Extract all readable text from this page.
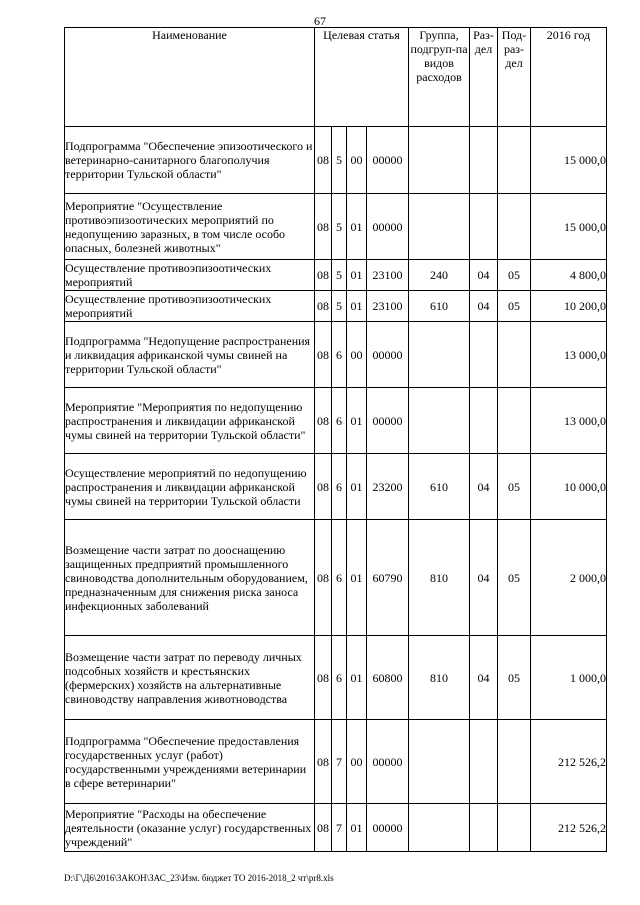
67
Наименование	Целевая статья				Группа, подгруп-па видов расходов	Раз-дел	Под-раз-дел	2016 год
Подпрограмма "Обеспечение эпизоотического и ветеринарно-санитарного благополучия территории Тульской области"	08	5	00	00000				15 000,0
Мероприятие "Осуществление противоэпизоотических мероприятий по недопущению заразных, в том числе особо опасных, болезней животных"	08	5	01	00000				15 000,0
Осуществление противоэпизоотических мероприятий	08	5	01	23100	240	04	05	4 800,0
Осуществление противоэпизоотических мероприятий	08	5	01	23100	610	04	05	10 200,0
Подпрограмма "Недопущение распространения и ликвидация африканской чумы свиней на территории Тульской области"	08	6	00	00000				13 000,0
Мероприятие "Мероприятия по недопущению распространения и ликвидации африканской чумы свиней на территории Тульской области"	08	6	01	00000				13 000,0
Осуществление мероприятий по недопущению распространения и ликвидации африканской чумы свиней на территории Тульской области	08	6	01	23200	610	04	05	10 000,0
Возмещение части затрат по дооснащению защищенных предприятий промышленного свиноводства дополнительным оборудованием, предназначенным для снижения риска заноса инфекционных заболеваний	08	6	01	60790	810	04	05	2 000,0
Возмещение части затрат по переводу личных подсобных хозяйств и крестьянских (фермерских) хозяйств на альтернативные свиноводству направления животноводства	08	6	01	60800	810	04	05	1 000,0
Подпрограмма "Обеспечение предоставления государственных услуг (работ) государственными учреждениями ветеринарии в сфере ветеринарии"	08	7	00	00000				212 526,2
Мероприятие "Расходы на обеспечение деятельности (оказание услуг) государственных учреждений"	08	7	01	00000				212 526,2
D:\Г\Д6\2016\ЗАКОН\ЗАС_23\Изм. бюджет ТО 2016-2018_2 чт\pr8.xls
